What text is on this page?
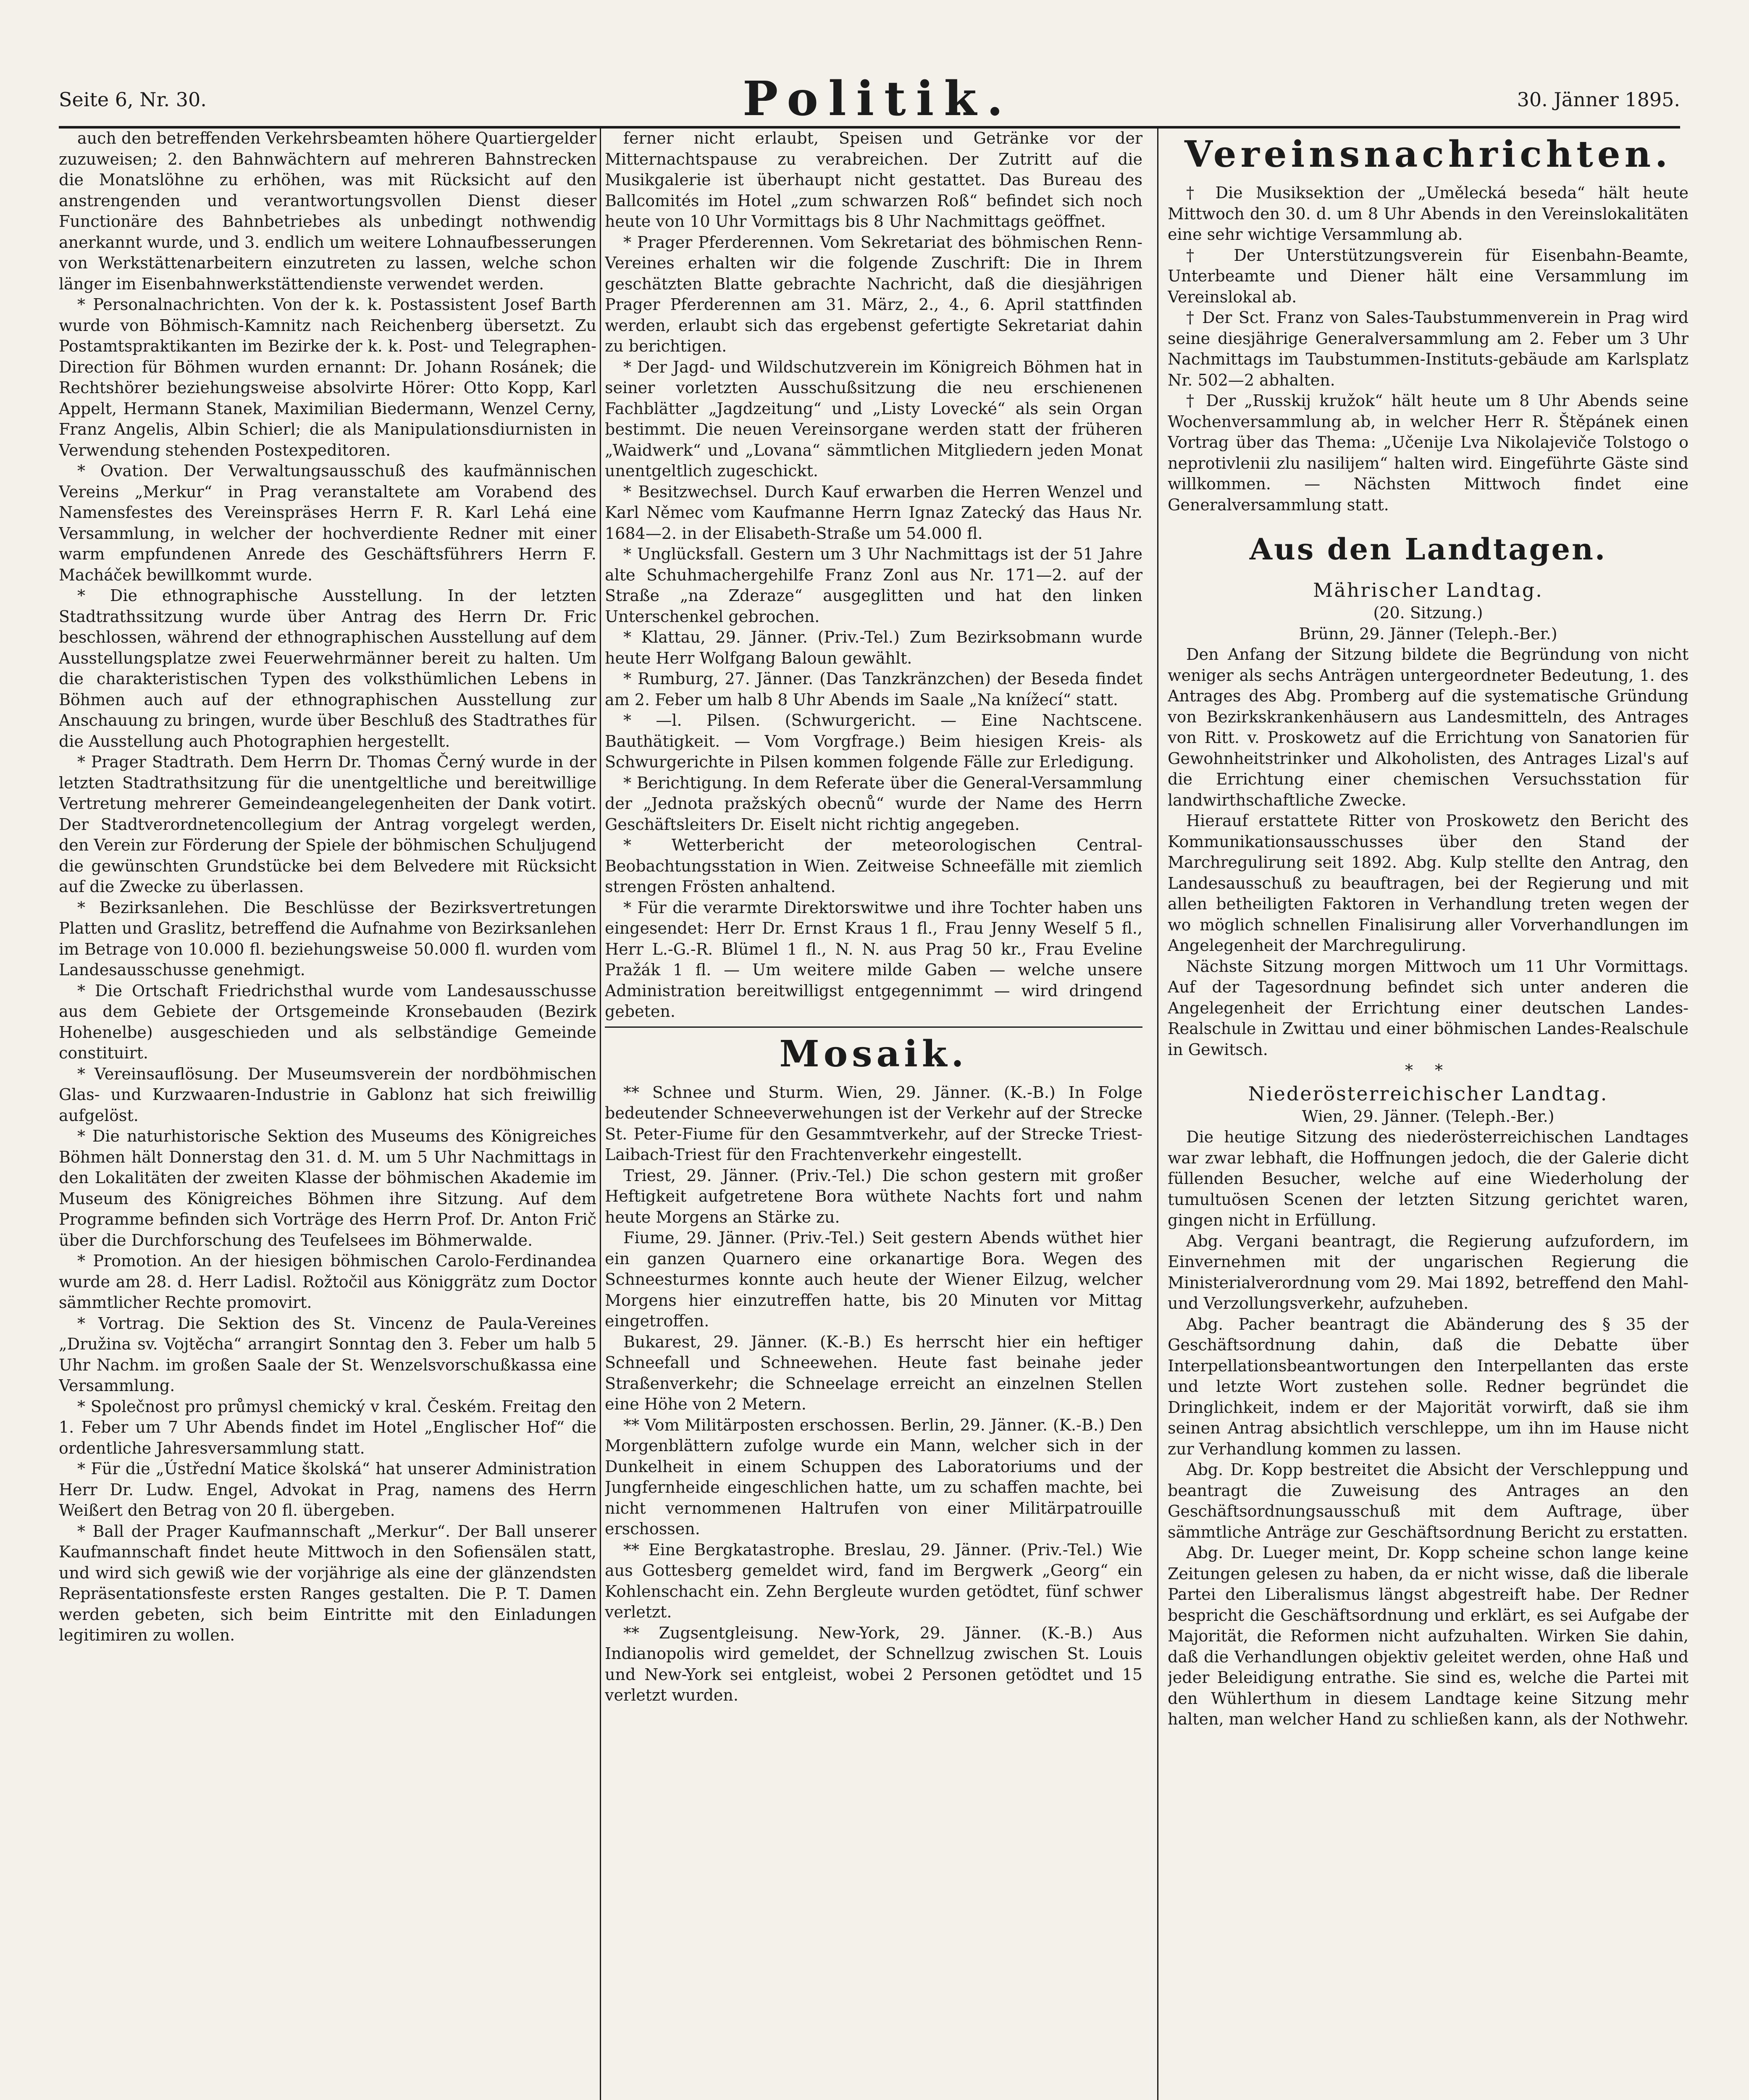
Seite 6, Nr. 30.	Politik.	30. Jänner 1895.

auch den betreffenden Verkehrsbeamten höhere Quartiergelder zuzuweisen; 2. den Bahnwächtern auf mehreren Bahnstrecken die Monatslöhne zu erhöhen, was mit Rücksicht auf den anstrengenden und verantwortungsvollen Dienst dieser Functionäre des Bahnbetriebes als unbedingt nothwendig anerkannt wurde, und 3. endlich um weitere Lohnaufbesserungen von Werkstättenarbeitern einzutreten zu lassen, welche schon länger im Eisenbahnwerkstättendienste verwendet werden.

* Personalnachrichten. Von der k. k. Postassistent Josef Barth wurde von Böhmisch-Kamnitz nach Reichenberg übersetzt. Zu Postamtspraktikanten im Bezirke der k. k. Post- und Telegraphen-Direction für Böhmen wurden ernannt: Dr. Johann Rosánek; die Rechtshörer beziehungsweise absolvirte Hörer: Otto Kopp, Karl Appelt, Hermann Stanek, Maximilian Biedermann, Wenzel Cerny, Franz Angelis, Albin Schierl; die als Manipulationsdiurnisten in Verwendung stehenden Postexpeditoren.

* Ovation. Der Verwaltungsausschuß des kaufmännischen Vereins „Merkur“ in Prag veranstaltete am Vorabend des Namensfestes des Vereinspräses Herrn F. R. Karl Lehá eine Versammlung, in welcher der hochverdiente Redner mit einer warm empfundenen Anrede des Geschäftsführers Herrn F. Macháček bewillkommt wurde.

* Die ethnographische Ausstellung. In der letzten Stadtrathssitzung wurde über Antrag des Herrn Dr. Fric beschlossen, während der ethnographischen Ausstellung auf dem Ausstellungsplatze zwei Feuerwehrmänner bereit zu halten. Um die charakteristischen Typen des volksthümlichen Lebens in Böhmen auch auf der ethnographischen Ausstellung zur Anschauung zu bringen, wurde über Beschluß des Stadtrathes für die Ausstellung auch Photographien hergestellt.

* Prager Stadtrath. Dem Herrn Dr. Thomas Černý wurde in der letzten Stadtrathsitzung für die unentgeltliche und bereitwillige Vertretung mehrerer Gemeindeangelegenheiten der Dank votirt. Der Stadtverordnetencollegium der Antrag vorgelegt werden, den Verein zur Förderung der Spiele der böhmischen Schuljugend die gewünschten Grundstücke bei dem Belvedere mit Rücksicht auf die Zwecke zu überlassen.

* Bezirksanlehen. Die Beschlüsse der Bezirksvertretungen Platten und Graslitz, betreffend die Aufnahme von Bezirksanlehen im Betrage von 10.000 fl. beziehungsweise 50.000 fl. wurden vom Landesausschusse genehmigt.

* Die Ortschaft Friedrichsthal wurde vom Landesausschusse aus dem Gebiete der Ortsgemeinde Kronsebauden (Bezirk Hohenelbe) ausgeschieden und als selbständige Gemeinde constituirt.

* Vereinsauflösung. Der Museumsverein der nordböhmischen Glas- und Kurzwaaren-Industrie in Gablonz hat sich freiwillig aufgelöst.

* Die naturhistorische Sektion des Museums des Königreiches Böhmen hält Donnerstag den 31. d. M. um 5 Uhr Nachmittags in den Lokalitäten der zweiten Klasse der böhmischen Akademie im Museum des Königreiches Böhmen ihre Sitzung. Auf dem Programme befinden sich Vorträge des Herrn Prof. Dr. Anton Frič über die Durchforschung des Teufelsees im Böhmerwalde.

* Promotion. An der hiesigen böhmischen Carolo-Ferdinandea wurde am 28. d. Herr Ladisl. Rožtočil aus Königgrätz zum Doctor sämmtlicher Rechte promovirt.

* Vortrag. Die Sektion des St. Vincenz de Paula-Vereines „Družina sv. Vojtěcha“ arrangirt Sonntag den 3. Feber um halb 5 Uhr Nachm. im großen Saale der St. Wenzelsvorschußkassa eine Versammlung.

* Společnost pro průmysl chemický v kral. Českém. Freitag den 1. Feber um 7 Uhr Abends findet im Hotel „Englischer Hof“ die ordentliche Jahresversammlung statt.

* Für die „Ústřední Matice školská“ hat unserer Administration Herr Dr. Ludw. Engel, Advokat in Prag, namens des Herrn Weißert den Betrag von 20 fl. übergeben.

* Ball der Prager Kaufmannschaft „Merkur“. Der Ball unserer Kaufmannschaft findet heute Mittwoch in den Sofiensälen statt, und wird sich gewiß wie der vorjährige als eine der glänzendsten Repräsentationsfeste ersten Ranges gestalten. Die P. T. Damen werden gebeten, sich beim Eintritte mit den Einladungen legitimiren zu wollen.

ferner nicht erlaubt, Speisen und Getränke vor der Mitternachtspause zu verabreichen. Der Zutritt auf die Musikgalerie ist überhaupt nicht gestattet. Das Bureau des Ballcomités im Hotel „zum schwarzen Roß“ befindet sich noch heute von 10 Uhr Vormittags bis 8 Uhr Nachmittags geöffnet.

* Prager Pferderennen. Vom Sekretariat des böhmischen Renn-Vereines erhalten wir die folgende Zuschrift: Die in Ihrem geschätzten Blatte gebrachte Nachricht, daß die diesjährigen Prager Pferderennen am 31. März, 2., 4., 6. April stattfinden werden, erlaubt sich das ergebenst gefertigte Sekretariat dahin zu berichtigen.

* Der Jagd- und Wildschutzverein im Königreich Böhmen hat in seiner vorletzten Ausschußsitzung die neu erschienenen Fachblätter „Jagdzeitung“ und „Listy Lovecké“ als sein Organ bestimmt. Die neuen Vereinsorgane werden statt der früheren „Waidwerk“ und „Lovana“ sämmtlichen Mitgliedern jeden Monat unentgeltlich zugeschickt.

* Besitzwechsel. Durch Kauf erwarben die Herren Wenzel und Karl Němec vom Kaufmanne Herrn Ignaz Zatecký das Haus Nr. 1684—2. in der Elisabeth-Straße um 54.000 fl.

* Unglücksfall. Gestern um 3 Uhr Nachmittags ist der 51 Jahre alte Schuhmachergehilfe Franz Zonl aus Nr. 171—2. auf der Straße „na Zderaze“ ausgeglitten und hat den linken Unterschenkel gebrochen.

* Klattau, 29. Jänner. (Priv.-Tel.) Zum Bezirksobmann wurde heute Herr Wolfgang Baloun gewählt.

* Rumburg, 27. Jänner. (Das Tanzkränzchen) der Beseda findet am 2. Feber um halb 8 Uhr Abends im Saale „Na knížecí“ statt.

* —l. Pilsen. (Schwurgericht. — Eine Nachtscene. Bauthätigkeit. — Vom Vorgfrage.) Beim hiesigen Kreis- als Schwurgerichte in Pilsen kommen folgende Fälle zur Erledigung.

* Berichtigung. In dem Referate über die General-Versammlung der „Jednota pražských obecnů“ wurde der Name des Herrn Geschäftsleiters Dr. Eiselt nicht richtig angegeben.

* Wetterbericht der meteorologischen Central-Beobachtungsstation in Wien. Zeitweise Schneefälle mit ziemlich strengen Frösten anhaltend.

* Für die verarmte Direktorswitwe und ihre Tochter haben uns eingesendet: Herr Dr. Ernst Kraus 1 fl., Frau Jenny Weself 5 fl., Herr L.-G.-R. Blümel 1 fl., N. N. aus Prag 50 kr., Frau Eveline Pražák 1 fl. — Um weitere milde Gaben — welche unsere Administration bereitwilligst entgegennimmt — wird dringend gebeten.

Mosaik.

** Schnee und Sturm. Wien, 29. Jänner. (K.-B.) In Folge bedeutender Schneeverwehungen ist der Verkehr auf der Strecke St. Peter-Fiume für den Gesammtverkehr, auf der Strecke Triest-Laibach-Triest für den Frachtenverkehr eingestellt.

Triest, 29. Jänner. (Priv.-Tel.) Die schon gestern mit großer Heftigkeit aufgetretene Bora wüthete Nachts fort und nahm heute Morgens an Stärke zu.

Fiume, 29. Jänner. (Priv.-Tel.) Seit gestern Abends wüthet hier ein ganzen Quarnero eine orkanartige Bora. Wegen des Schneesturmes konnte auch heute der Wiener Eilzug, welcher Morgens hier einzutreffen hatte, bis 20 Minuten vor Mittag eingetroffen.

Bukarest, 29. Jänner. (K.-B.) Es herrscht hier ein heftiger Schneefall und Schneewehen. Heute fast beinahe jeder Straßenverkehr; die Schneelage erreicht an einzelnen Stellen eine Höhe von 2 Metern.

** Vom Militärposten erschossen. Berlin, 29. Jänner. (K.-B.) Den Morgenblättern zufolge wurde ein Mann, welcher sich in der Dunkelheit in einem Schuppen des Laboratoriums und der Jungfernheide eingeschlichen hatte, um zu schaffen machte, bei nicht vernommenen Haltrufen von einer Militärpatrouille erschossen.

** Eine Bergkatastrophe. Breslau, 29. Jänner. (Priv.-Tel.) Wie aus Gottesberg gemeldet wird, fand im Bergwerk „Georg“ ein Kohlenschacht ein. Zehn Bergleute wurden getödtet, fünf schwer verletzt.

** Zugsentgleisung. New-York, 29. Jänner. (K.-B.) Aus Indianopolis wird gemeldet, der Schnellzug zwischen St. Louis und New-York sei entgleist, wobei 2 Personen getödtet und 15 verletzt wurden.

Vereinsnachrichten.

† Die Musiksektion der „Umělecká beseda“ hält heute Mittwoch den 30. d. um 8 Uhr Abends in den Vereinslokalitäten eine sehr wichtige Versammlung ab.

† Der Unterstützungsverein für Eisenbahn-Beamte, Unterbeamte und Diener hält eine Versammlung im Vereinslokal ab.

† Der Sct. Franz von Sales-Taubstummenverein in Prag wird seine diesjährige Generalversammlung am 2. Feber um 3 Uhr Nachmittags im Taubstummen-Instituts-gebäude am Karlsplatz Nr. 502—2 abhalten.

† Der „Russkij kružok“ hält heute um 8 Uhr Abends seine Wochenversammlung ab, in welcher Herr R. Štěpánek einen Vortrag über das Thema: „Učenije Lva Nikolajeviče Tolstogo o neprotivlenii zlu nasilijem“ halten wird. Eingeführte Gäste sind willkommen. — Nächsten Mittwoch findet eine Generalversammlung statt.

Aus den Landtagen.
Mährischer Landtag.
(20. Sitzung.)
Brünn, 29. Jänner (Teleph.-Ber.)

Den Anfang der Sitzung bildete die Begründung von nicht weniger als sechs Anträgen untergeordneter Bedeutung, 1. des Antrages des Abg. Promberg auf die systematische Gründung von Bezirkskrankenhäusern aus Landesmitteln, des Antrages von Ritt. v. Proskowetz auf die Errichtung von Sanatorien für Gewohnheitstrinker und Alkoholisten, des Antrages Lizal's auf die Errichtung einer chemischen Versuchsstation für landwirthschaftliche Zwecke.

Hierauf erstattete Ritter von Proskowetz den Bericht des Kommunikationsausschusses über den Stand der Marchregulirung seit 1892. Abg. Kulp stellte den Antrag, den Landesausschuß zu beauftragen, bei der Regierung und mit allen betheiligten Faktoren in Verhandlung treten wegen der wo möglich schnellen Finalisirung aller Vorverhandlungen im Angelegenheit der Marchregulirung.

Nächste Sitzung morgen Mittwoch um 11 Uhr Vormittags. Auf der Tagesordnung befindet sich unter anderen die Angelegenheit der Errichtung einer deutschen Landes-Realschule in Zwittau und einer böhmischen Landes-Realschule in Gewitsch.

* *
Niederösterreichischer Landtag.
Wien, 29. Jänner. (Teleph.-Ber.)

Die heutige Sitzung des niederösterreichischen Landtages war zwar lebhaft, die Hoffnungen jedoch, die der Galerie dicht füllenden Besucher, welche auf eine Wiederholung der tumultuösen Scenen der letzten Sitzung gerichtet waren, gingen nicht in Erfüllung.

Abg. Vergani beantragt, die Regierung aufzufordern, im Einvernehmen mit der ungarischen Regierung die Ministerialverordnung vom 29. Mai 1892, betreffend den Mahl- und Verzollungsverkehr, aufzuheben.

Abg. Pacher beantragt die Abänderung des § 35 der Geschäftsordnung dahin, daß die Debatte über Interpellationsbeantwortungen den Interpellanten das erste und letzte Wort zustehen solle. Redner begründet die Dringlichkeit, indem er der Majorität vorwirft, daß sie ihm seinen Antrag absichtlich verschleppe, um ihn im Hause nicht zur Verhandlung kommen zu lassen.

Abg. Dr. Kopp bestreitet die Absicht der Verschleppung und beantragt die Zuweisung des Antrages an den Geschäftsordnungsausschuß mit dem Auftrage, über sämmtliche Anträge zur Geschäftsordnung Bericht zu erstatten.

Abg. Dr. Lueger meint, Dr. Kopp scheine schon lange keine Zeitungen gelesen zu haben, da er nicht wisse, daß die liberale Partei den Liberalismus längst abgestreift habe. Der Redner bespricht die Geschäftsordnung und erklärt, es sei Aufgabe der Majorität, die Reformen nicht aufzuhalten. Wirken Sie dahin, daß die Verhandlungen objektiv geleitet werden, ohne Haß und jeder Beleidigung entrathe. Sie sind es, welche die Partei mit den Wühlerthum in diesem Landtage keine Sitzung mehr halten, man welcher Hand zu schließen kann, als der Nothwehr.
